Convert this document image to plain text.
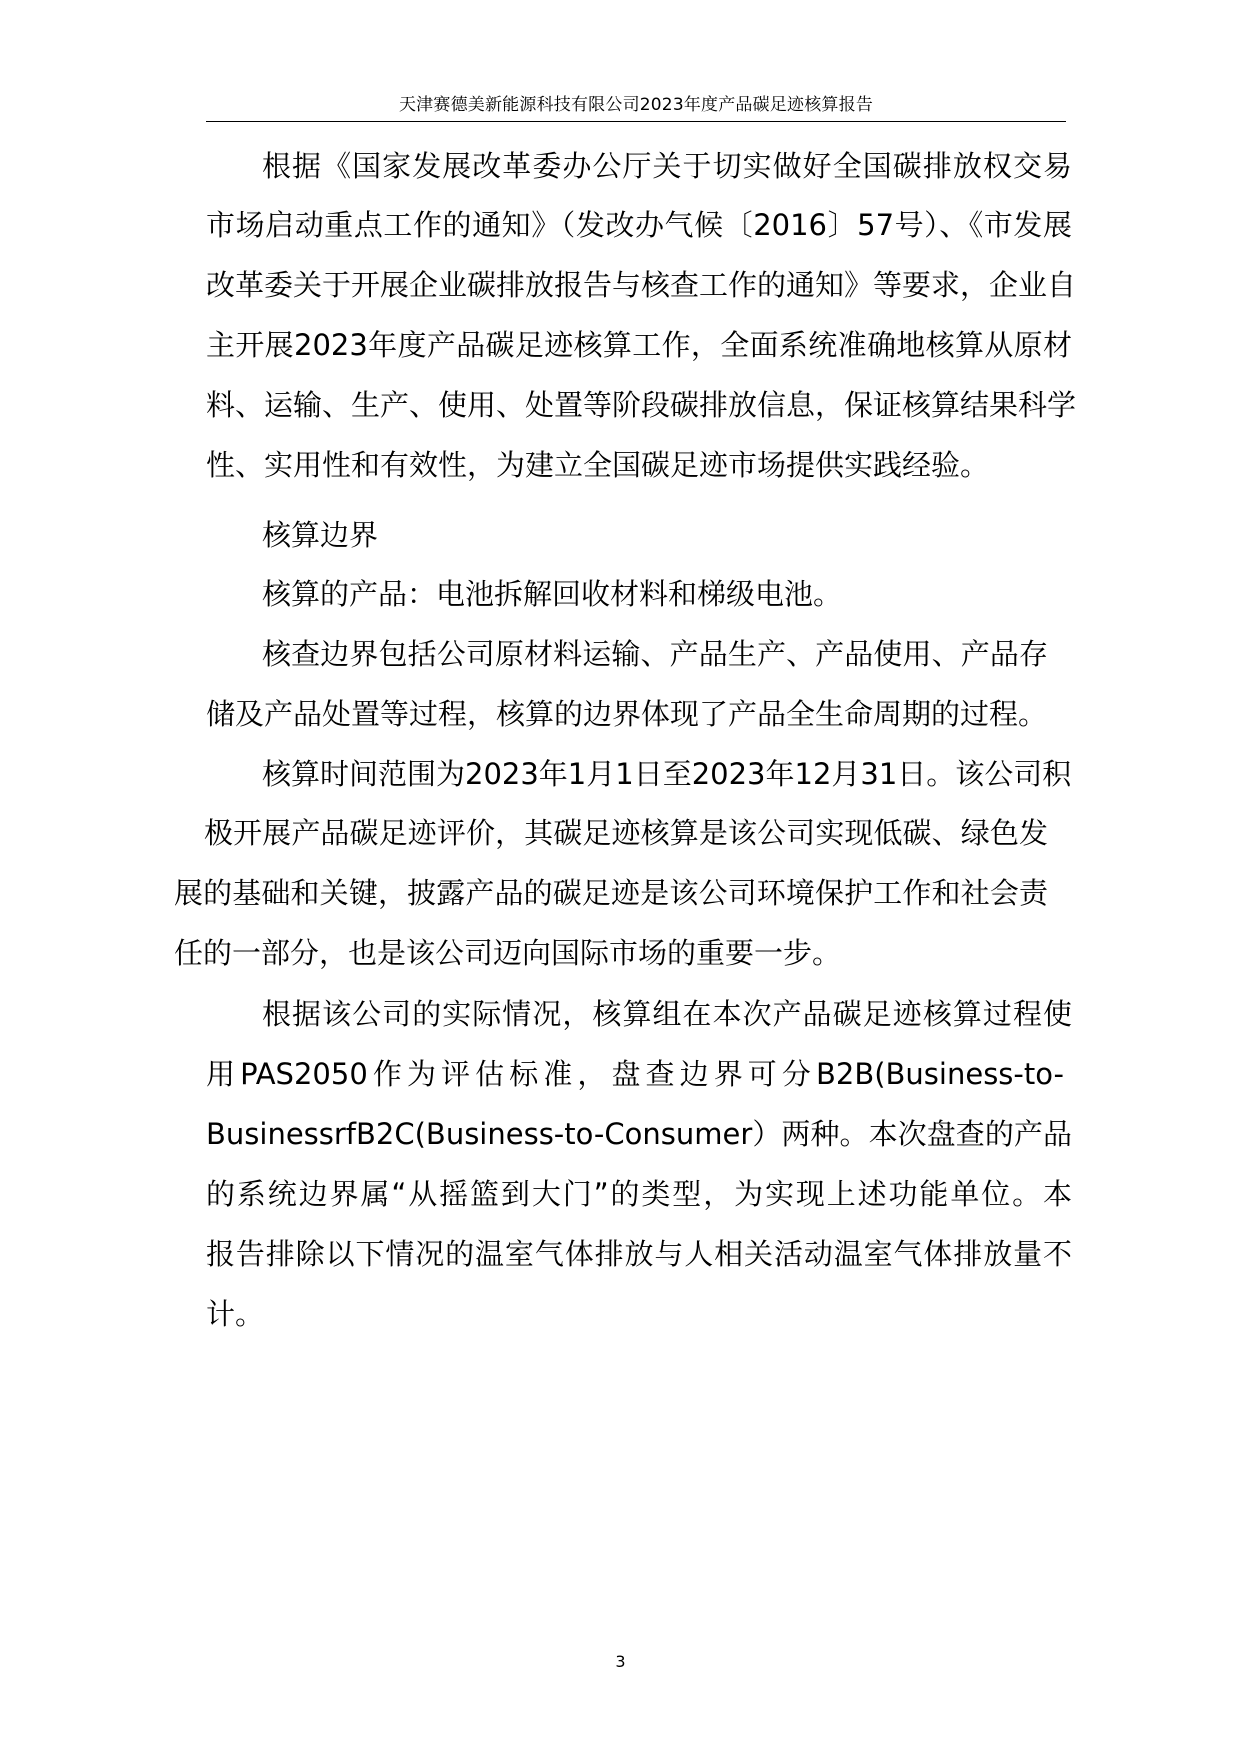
天津赛德美新能源科技有限公司2023年度产品碳足迹核算报告
根据《国家发展改革委办公厅关于切实做好全国碳排放权交易
市场启动重点工作的通知》（发改办气候〔2016〕57号）、《市发展
改革委关于开展企业碳排放报告与核查工作的通知》等要求，企业自
主开展2023年度产品碳足迹核算工作，全面系统准确地核算从原材
料、运输、生产、使用、处置等阶段碳排放信息，保证核算结果科学
性、实用性和有效性，为建立全国碳足迹市场提供实践经验。
核算边界
核算的产品：电池拆解回收材料和梯级电池。
核查边界包括公司原材料运输、产品生产、产品使用、产品存
储及产品处置等过程，核算的边界体现了产品全生命周期的过程。
核算时间范围为2023年1月1日至2023年12月31日。该公司积
极开展产品碳足迹评价，其碳足迹核算是该公司实现低碳、绿色发
展的基础和关键，披露产品的碳足迹是该公司环境保护工作和社会责
任的一部分，也是该公司迈向国际市场的重要一步。
根据该公司的实际情况，核算组在本次产品碳足迹核算过程使
用PAS2050作为评估标准，盘查边界可分B2B(Business-to-
BusinessrfB2C(Business-to-Consumer）两种。本次盘查的产品
的系统边界属“从摇篮到大门”的类型，为实现上述功能单位。本
报告排除以下情况的温室气体排放与人相关活动温室气体排放量不
计。
3
